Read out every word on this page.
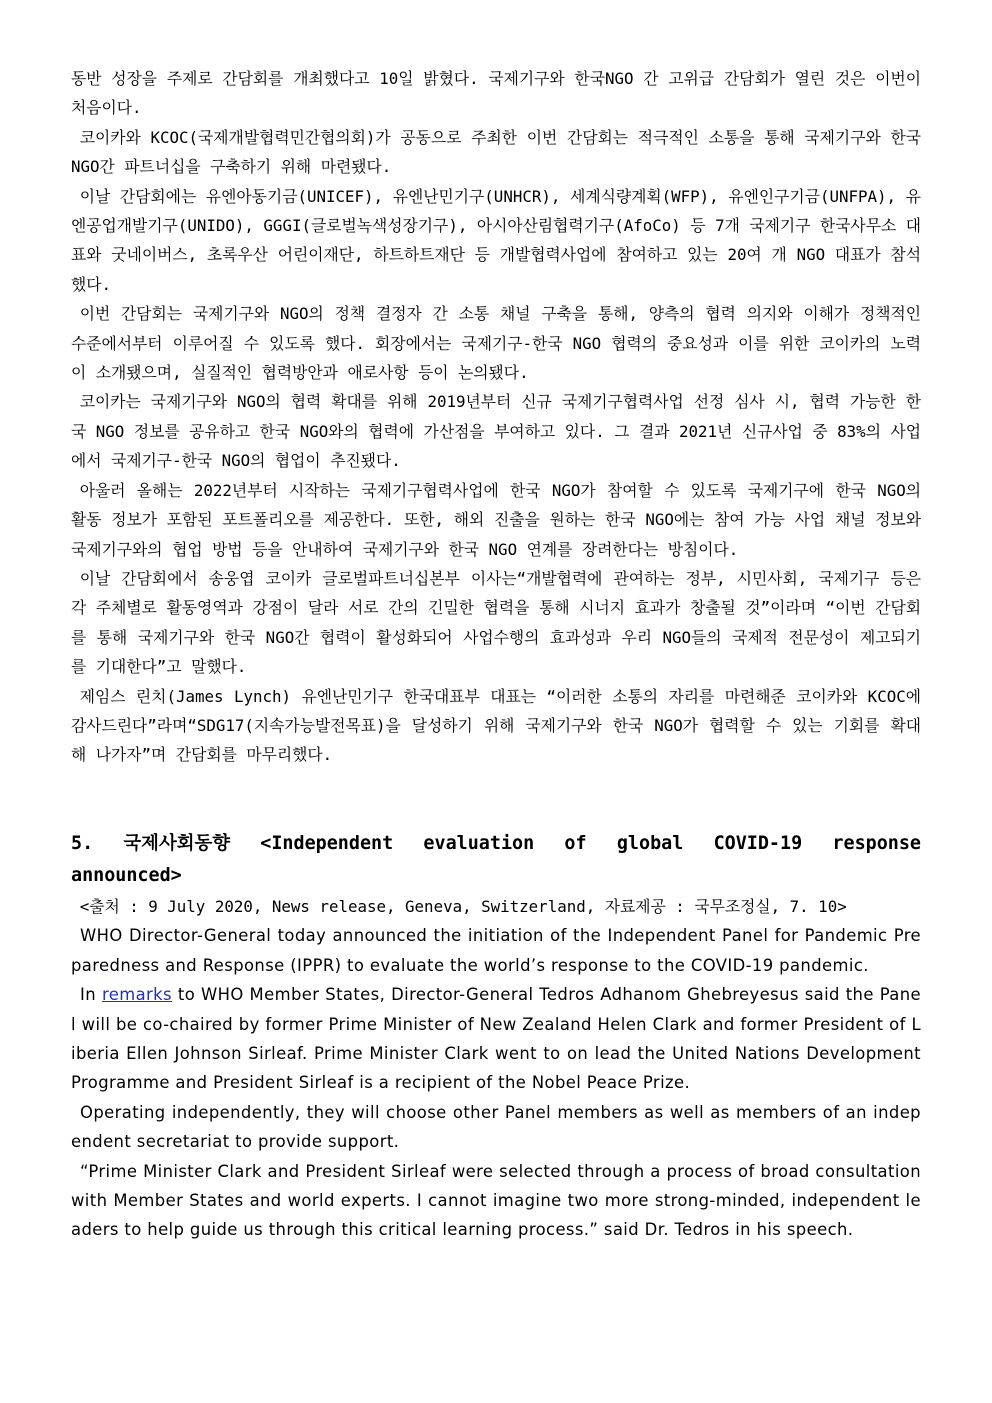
동반 성장을 주제로 간담회를 개최했다고 10일 밝혔다. 국제기구와 한국NGO 간 고위급 간담회가 열린 것은 이번이 처음이다.

코이카와 KCOC(국제개발협력민간협의회)가 공동으로 주최한 이번 간담회는 적극적인 소통을 통해 국제기구와 한국 NGO간 파트너십을 구축하기 위해 마련됐다.

이날 간담회에는 유엔아동기금(UNICEF), 유엔난민기구(UNHCR), 세계식량계획(WFP), 유엔인구기금(UNFPA), 유엔공업개발기구(UNIDO), GGGI(글로벌녹색성장기구), 아시아산림협력기구(AfoCo) 등 7개 국제기구 한국사무소 대표와 굿네이버스, 초록우산 어린이재단, 하트하트재단 등 개발협력사업에 참여하고 있는 20여 개 NGO 대표가 참석했다.

이번 간담회는 국제기구와 NGO의 정책 결정자 간 소통 채널 구축을 통해, 양측의 협력 의지와 이해가 정책적인 수준에서부터 이루어질 수 있도록 했다. 회장에서는 국제기구-한국 NGO 협력의 중요성과 이를 위한 코이카의 노력이 소개됐으며, 실질적인 협력방안과 애로사항 등이 논의됐다.

코이카는 국제기구와 NGO의 협력 확대를 위해 2019년부터 신규 국제기구협력사업 선정 심사 시, 협력 가능한 한국 NGO 정보를 공유하고 한국 NGO와의 협력에 가산점을 부여하고 있다. 그 결과 2021년 신규사업 중 83%의 사업에서 국제기구-한국 NGO의 협업이 추진됐다.

아울러 올해는 2022년부터 시작하는 국제기구협력사업에 한국 NGO가 참여할 수 있도록 국제기구에 한국 NGO의 활동 정보가 포함된 포트폴리오를 제공한다. 또한, 해외 진출을 원하는 한국 NGO에는 참여 가능 사업 채널 정보와 국제기구와의 협업 방법 등을 안내하여 국제기구와 한국 NGO 연계를 장려한다는 방침이다.

이날 간담회에서 송웅엽 코이카 글로벌파트너십본부 이사는“개발협력에 관여하는 정부, 시민사회, 국제기구 등은 각 주체별로 활동영역과 강점이 달라 서로 간의 긴밀한 협력을 통해 시너지 효과가 창출될 것”이라며 “이번 간담회를 통해 국제기구와 한국 NGO간 협력이 활성화되어 사업수행의 효과성과 우리 NGO들의 국제적 전문성이 제고되기를 기대한다”고 말했다.

제임스 린치(James Lynch) 유엔난민기구 한국대표부 대표는 “이러한 소통의 자리를 마련해준 코이카와 KCOC에 감사드린다”라며“SDG17(지속가능발전목표)을 달성하기 위해 국제기구와 한국 NGO가 협력할 수 있는 기회를 확대해 나가자”며 간담회를 마무리했다.

5. 국제사회동향 <Independent evaluation of global COVID-19 response announced>

<출처 : 9 July 2020, News release, Geneva, Switzerland, 자료제공 : 국무조정실, 7. 10>

WHO Director-General today announced the initiation of the Independent Panel for Pandemic Preparedness and Response (IPPR) to evaluate the world’s response to the COVID-19 pandemic.

In remarks to WHO Member States, Director-General Tedros Adhanom Ghebreyesus said the Panel will be co-chaired by former Prime Minister of New Zealand Helen Clark and former President of Liberia Ellen Johnson Sirleaf. Prime Minister Clark went to on lead the United Nations Development Programme and President Sirleaf is a recipient of the Nobel Peace Prize.

Operating independently, they will choose other Panel members as well as members of an independent secretariat to provide support.

“Prime Minister Clark and President Sirleaf were selected through a process of broad consultation with Member States and world experts. I cannot imagine two more strong-minded, independent leaders to help guide us through this critical learning process.” said Dr. Tedros in his speech.
